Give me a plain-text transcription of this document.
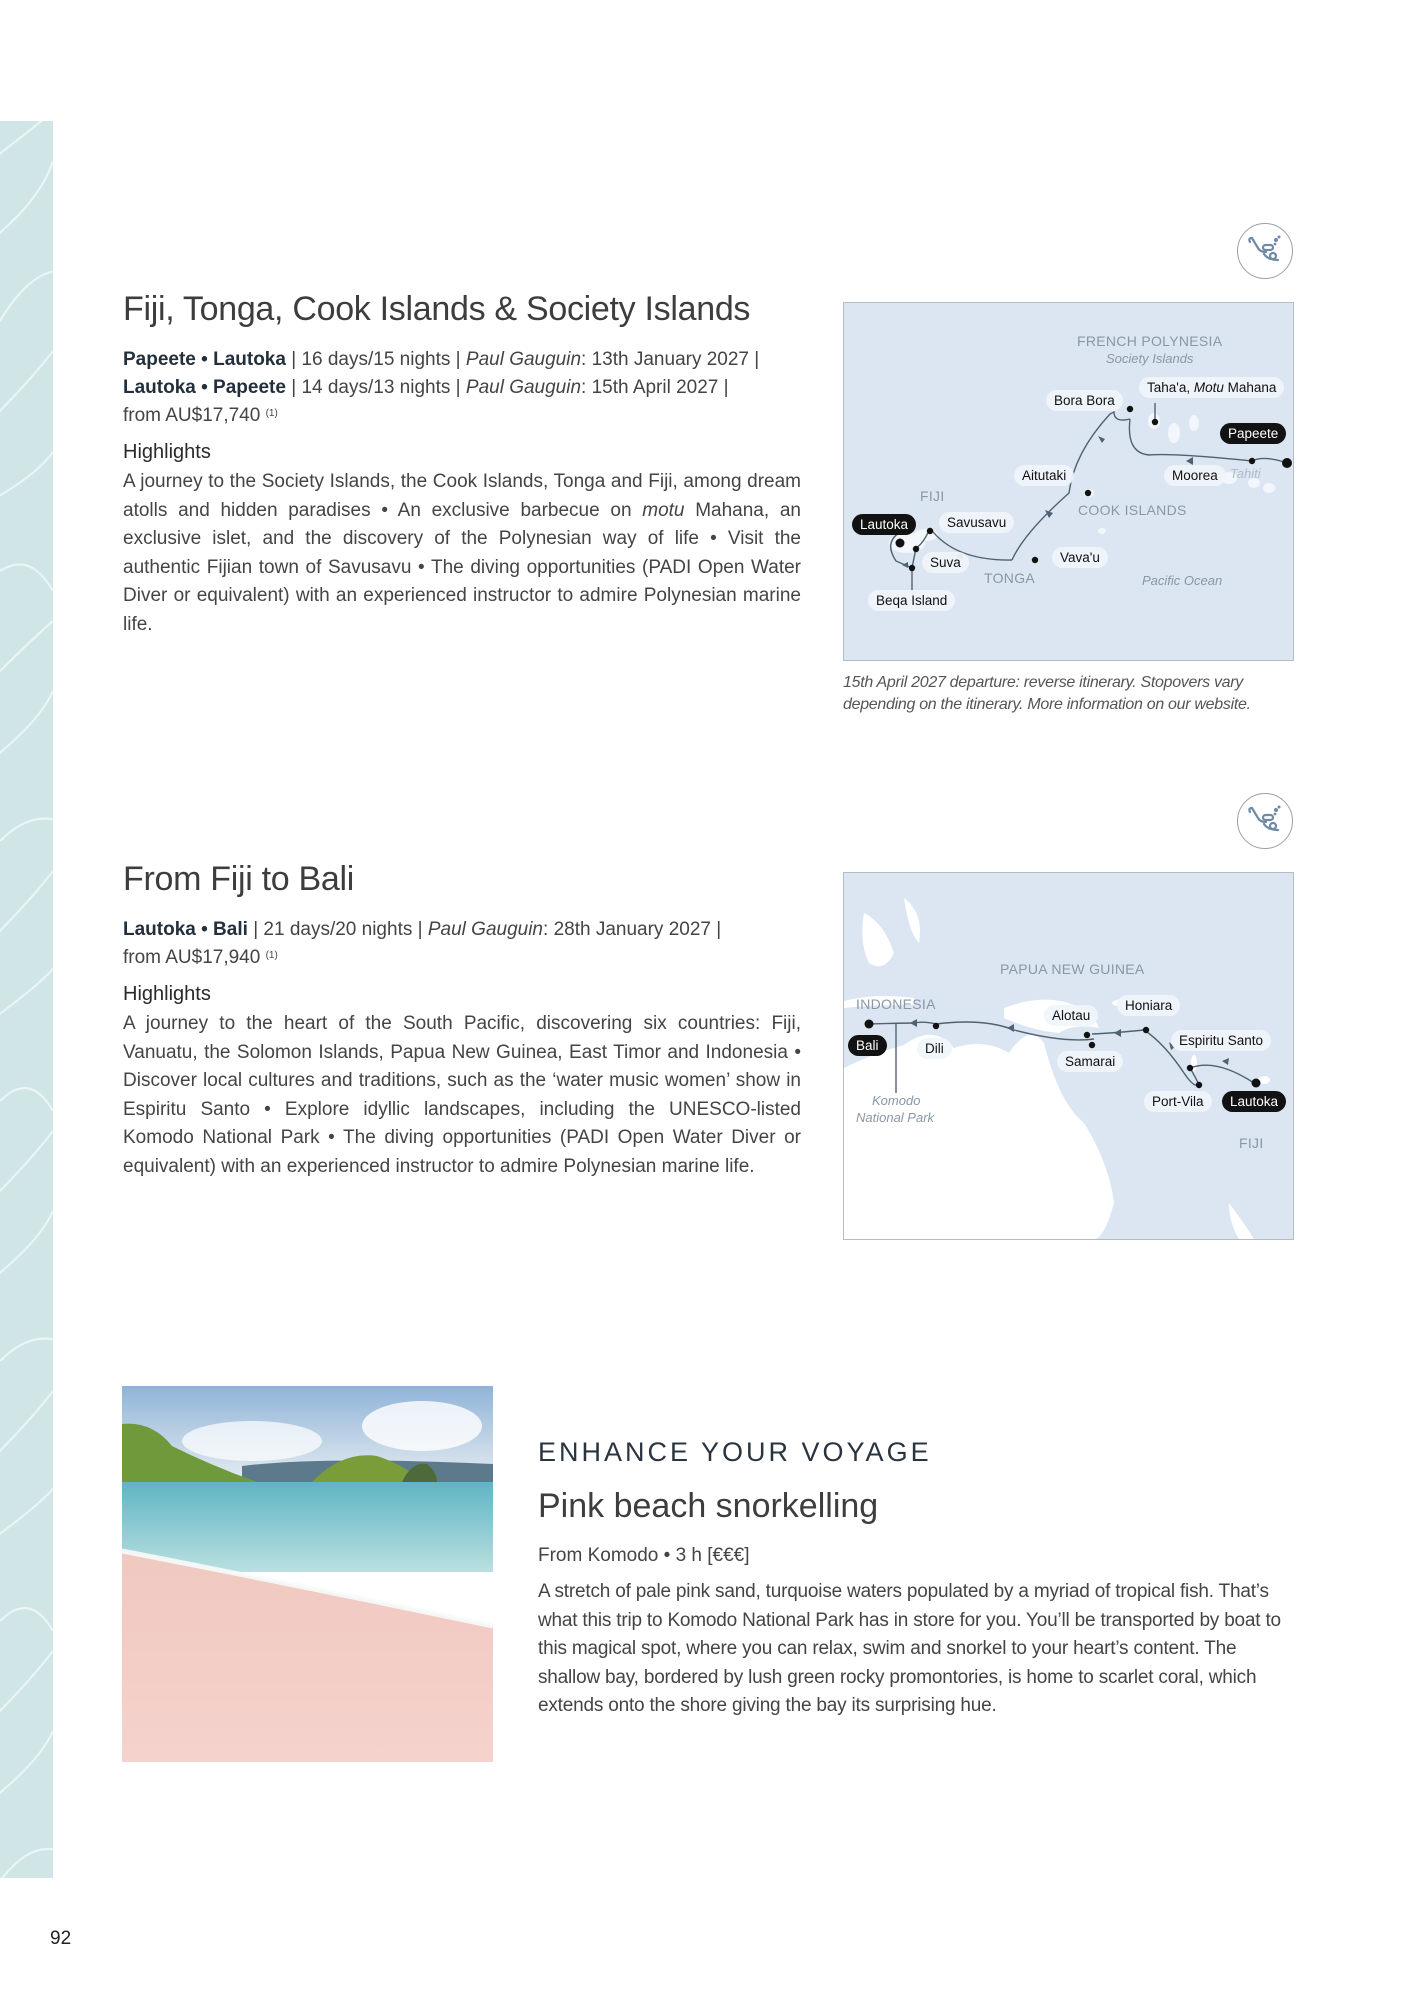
Fiji, Tonga, Cook Islands & Society Islands
Papeete • Lautoka | 16 days/15 nights | Paul Gauguin: 13th January 2027 |
Lautoka • Papeete | 14 days/13 nights | Paul Gauguin: 15th April 2027 |
from AU$17,740 $^{(1)}$
Highlights

A journey to the Society Islands, the Cook Islands, Tonga and Fiji, among dream atolls and hidden paradises • An exclusive barbecue on motu Mahana, an exclusive islet, and the discovery of the Polynesian way of life • Visit the authentic Fijian town of Savusavu • The diving opportunities (PADI Open Water Diver or equivalent) with an experienced instructor to admire Polynesian marine life.

FRENCH POLYNESIA
Society Islands
FIJI
COOK ISLANDS
TONGA	Pacific Ocean
Tahiti
Bora Bora
Taha'a, Motu Mahana
Papeete
Moorea
Aitutaki
Lautoka	Savusavu
Suva	Vava'u
Beqa Island

15th April 2027 departure: reverse itinerary. Stopovers vary depending on the itinerary. More information on our website.

From Fiji to Bali
Lautoka • Bali | 21 days/20 nights | Paul Gauguin: 28th January 2027 |
from AU$17,940 $^{(1)}$
Highlights

A journey to the heart of the South Pacific, discovering six countries: Fiji, Vanuatu, the Solomon Islands, Papua New Guinea, East Timor and Indonesia • Discover local cultures and traditions, such as the ‘water music women’ show in Espiritu Santo • Explore idyllic landscapes, including the UNESCO-listed Komodo National Park • The diving opportunities (PADI Open Water Diver or equivalent) with an experienced instructor to admire Polynesian marine life.

PAPUA NEW GUINEA
INDONESIA
Komodo
National Park
FIJI
Bali	Dili
Alotau
Samarai
Honiara
Espiritu Santo
Port-Vila	Lautoka
ENHANCE YOUR VOYAGE
Pink beach snorkelling
From Komodo • 3 h [€€€]

A stretch of pale pink sand, turquoise waters populated by a myriad of tropical fish. That’s what this trip to Komodo National Park has in store for you. You’ll be transported by boat to this magical spot, where you can relax, swim and snorkel to your heart’s content. The shallow bay, bordered by lush green rocky promontories, is home to scarlet coral, which extends onto the shore giving the bay its surprising hue.

92
